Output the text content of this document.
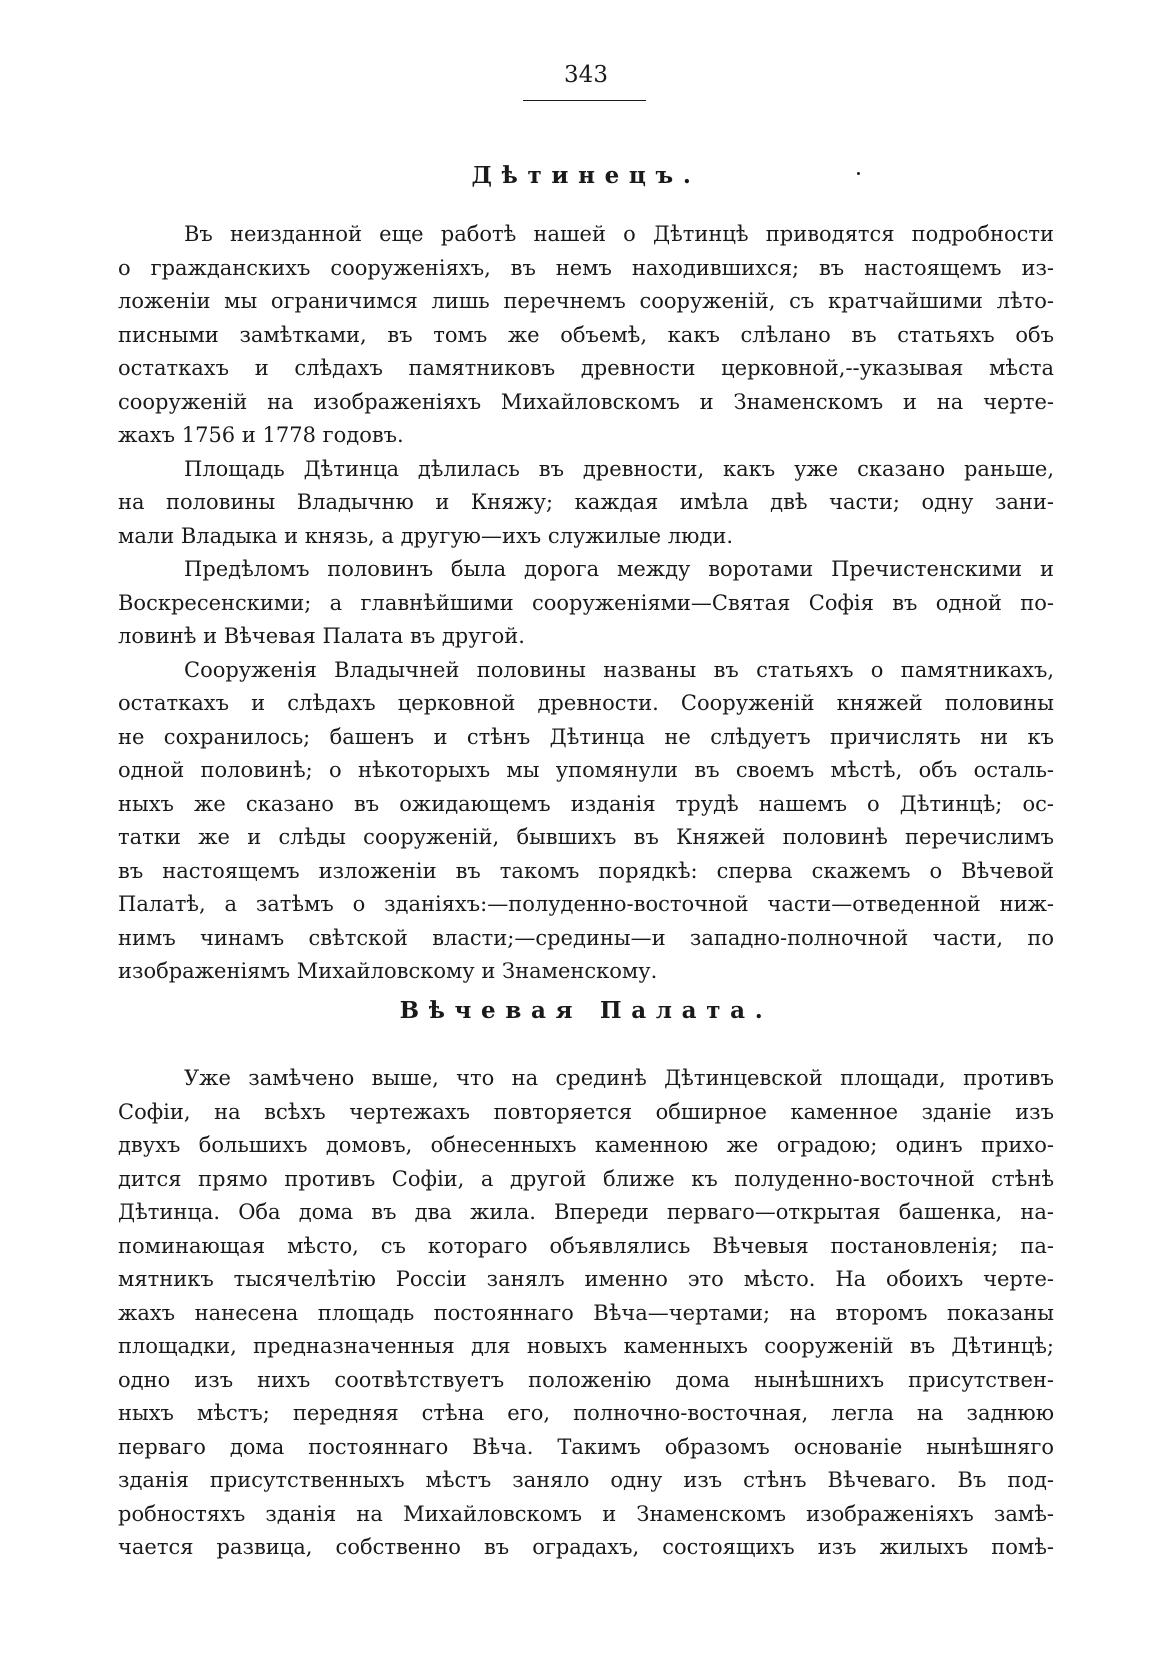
343
Дѣтинецъ.

Въ неизданной еще работѣ нашей о Дѣтинцѣ приводятся подробности
о гражданскихъ сооруженіяхъ, въ немъ находившихся; въ настоящемъ из-
ложеніи мы ограничимся лишь перечнемъ сооруженій, съ кратчайшими лѣто-
писными замѣтками, въ томъ же объемѣ, какъ слѣлано въ статьяхъ объ
остаткахъ и слѣдахъ памятниковъ древности церковной,--указывая мѣста
сооруженій на изображеніяхъ Михайловскомъ и Знаменскомъ и на черте-
жахъ 1756 и 1778 годовъ.

Площадь Дѣтинца дѣлилась въ древности, какъ уже сказано раньше,
на половины Владычню и Княжу; каждая имѣла двѣ части; одну зани-
мали Владыка и князь, а другую—ихъ служилые люди.

Предѣломъ половинъ была дорога между воротами Пречистенскими и
Воскресенскими; а главнѣйшими сооруженіями—Святая Софія въ одной по-
ловинѣ и Вѣчевая Палата въ другой.

Сооруженія Владычней половины названы въ статьяхъ о памятникахъ,
остаткахъ и слѣдахъ церковной древности. Сооруженій княжей половины
не сохранилось; башенъ и стѣнъ Дѣтинца не слѣдуетъ причислять ни къ
одной половинѣ; о нѣкоторыхъ мы упомянули въ своемъ мѣстѣ, объ осталь-
ныхъ же сказано въ ожидающемъ изданія трудѣ нашемъ о Дѣтинцѣ; ос-
татки же и слѣды сооруженій, бывшихъ въ Княжей половинѣ перечислимъ
въ настоящемъ изложеніи въ такомъ порядкѣ: сперва скажемъ о Вѣчевой
Палатѣ, а затѣмъ о зданіяхъ:—полуденно-восточной части—отведенной ниж-
нимъ чинамъ свѣтской власти;—средины—и западно-полночной части, по
изображеніямъ Михайловскому и Знаменскому.

Вѣчевая Палата.

Уже замѣчено выше, что на срединѣ Дѣтинцевской площади, противъ
Софіи, на всѣхъ чертежахъ повторяется обширное каменное зданіе изъ
двухъ большихъ домовъ, обнесенныхъ каменною же оградою; одинъ прихо-
дится прямо противъ Софіи, а другой ближе къ полуденно-восточной стѣнѣ
Дѣтинца. Оба дома въ два жила. Впереди перваго—открытая башенка, на-
поминающая мѣсто, съ котораго объявлялись Вѣчевыя постановленія; па-
мятникъ тысячелѣтію Россіи занялъ именно это мѣсто. На обоихъ черте-
жахъ нанесена площадь постояннаго Вѣча—чертами; на второмъ показаны
площадки, предназначенныя для новыхъ каменныхъ сооруженій въ Дѣтинцѣ;
одно изъ нихъ соотвѣтствуетъ положенію дома нынѣшнихъ присутствен-
ныхъ мѣстъ; передняя стѣна его, полночно-восточная, легла на заднюю
перваго дома постояннаго Вѣча. Такимъ образомъ основаніе нынѣшняго
зданія присутственныхъ мѣстъ заняло одну изъ стѣнъ Вѣчеваго. Въ под-
робностяхъ зданія на Михайловскомъ и Знаменскомъ изображеніяхъ замѣ-
чается развица, собственно въ оградахъ, состоящихъ изъ жилыхъ помѣ-
